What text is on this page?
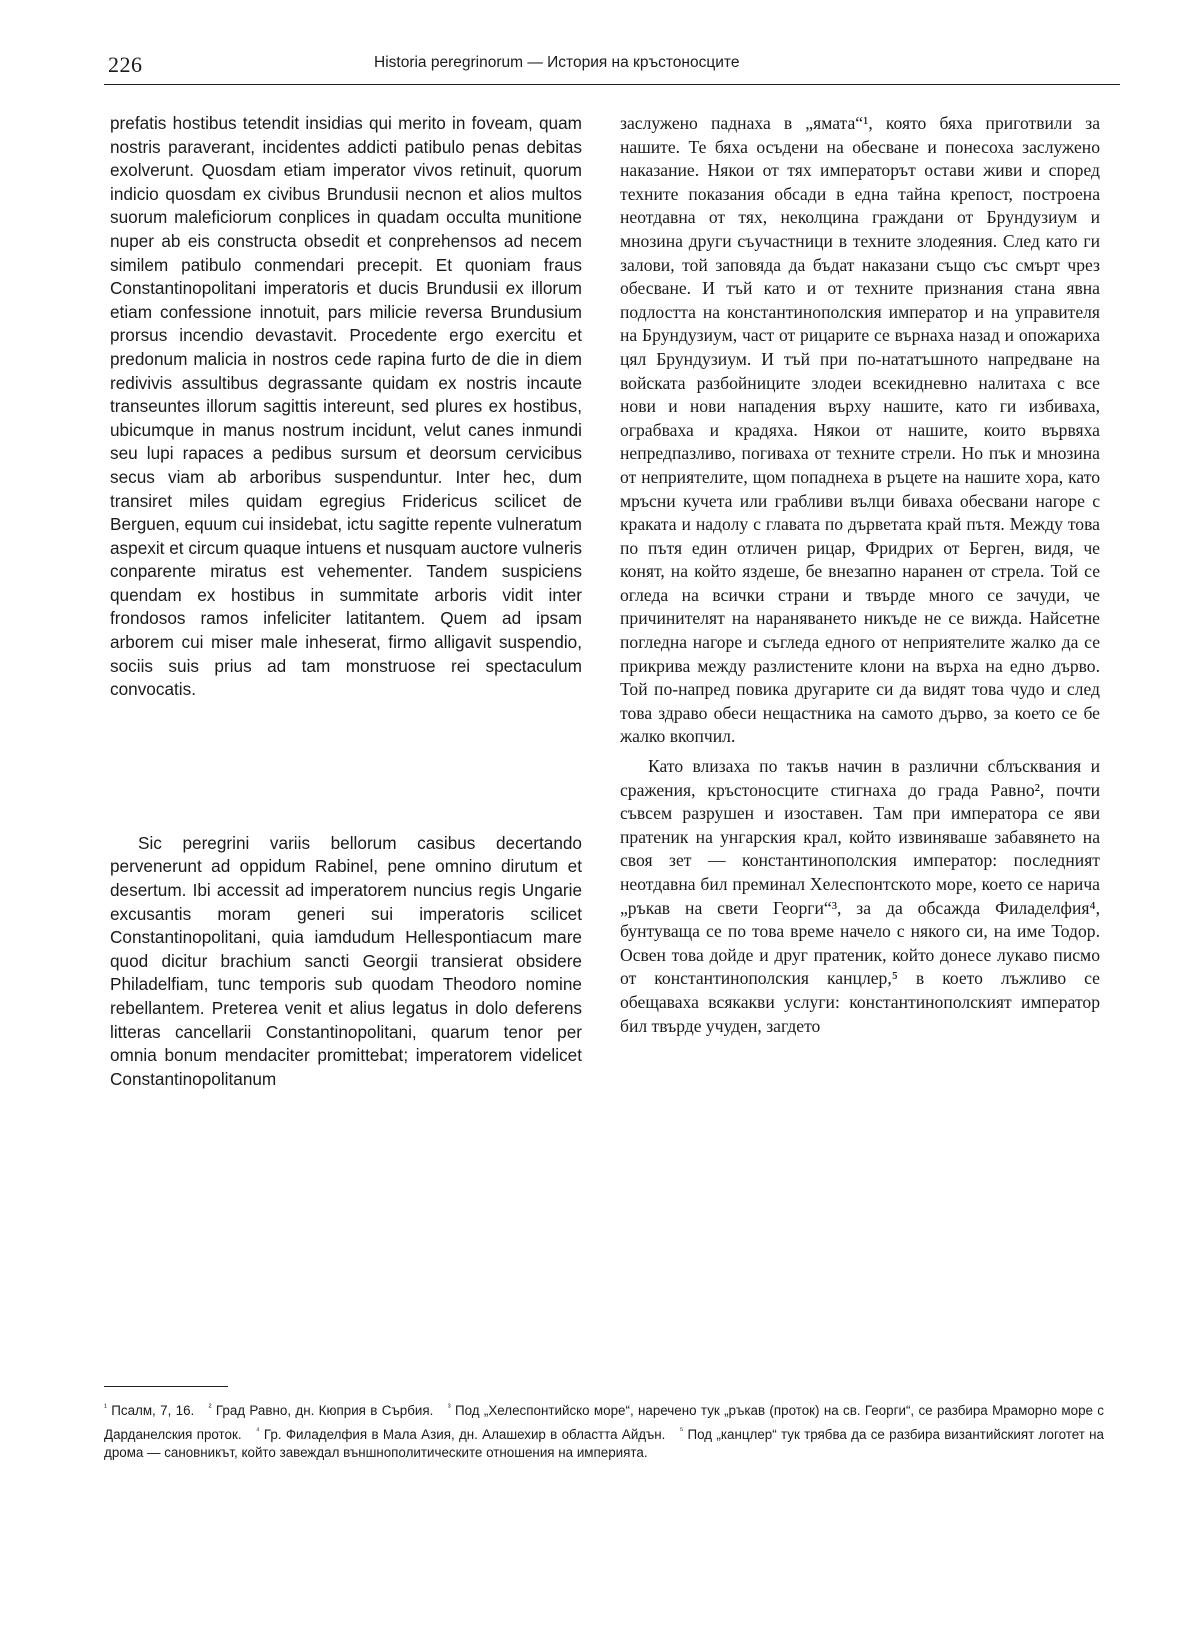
226	Historia peregrinorum — История на кръстоносците

prefatis hostibus tetendit insidias qui merito in foveam, quam nostris paraverant, incidentes addicti patibulo penas debitas exolverunt. Quosdam etiam imperator vivos retinuit, quorum indicio quosdam ex civibus Brundusii necnon et alios multos suorum maleficiorum conplices in quadam occulta munitione nuper ab eis constructa obsedit et conprehensos ad necem similem patibulo conmendari precepit. Et quoniam fraus Constantinopolitani imperatoris et ducis Brundusii ex illorum etiam confessione innotuit, pars milicie reversa Brundusium prorsus incendio devastavit. Procedente ergo exercitu et predonum malicia in nostros cede rapina furto de die in diem redivivis assultibus degrassante quidam ex nostris incaute transeuntes illorum sagittis intereunt, sed plures ex hostibus, ubicumque in manus nostrum incidunt, velut canes inmundi seu lupi rapaces a pedibus sursum et deorsum cervicibus secus viam ab arboribus suspenduntur. Inter hec, dum transiret miles quidam egregius Fridericus scilicet de Berguen, equum cui insidebat, ictu sagitte repente vulneratum aspexit et circum quaque intuens et nusquam auctore vulneris conparente miratus est vehementer. Tandem suspiciens quendam ex hostibus in summitate arboris vidit inter frondosos ramos infeliciter latitantem. Quem ad ipsam arborem cui miser male inheserat, firmo alligavit suspendio, sociis suis prius ad tam monstruose rei spectaculum convocatis.

Sic peregrini variis bellorum casibus decertando pervenerunt ad oppidum Rabinel, pene omnino dirutum et desertum. Ibi accessit ad imperatorem nuncius regis Ungarie excusantis moram generi sui imperatoris scilicet Constantinopolitani, quia iamdudum Hellespontiacum mare quod dicitur brachium sancti Georgii transierat obsidere Philadelfiam, tunc temporis sub quodam Theodoro nomine rebellantem. Preterea venit et alius legatus in dolo deferens litteras cancellarii Constantinopolitani, quarum tenor per omnia bonum mendaciter promittebat; imperatorem videlicet Constantinopolitanum

заслужено паднаха в „ямата“¹, която бяха приготвили за нашите. Те бяха осъдени на обесване и понесоха заслужено наказание. Някои от тях императорът остави живи и според техните показания обсади в една тайна крепост, построена неотдавна от тях, неколцина граждани от Брундузиум и мнозина други съучастници в техните злодеяния. След като ги залови, той заповяда да бъдат наказани също със смърт чрез обесване. И тъй като и от техните признания стана явна подлостта на константинополския император и на управителя на Брундузиум, част от рицарите се върнаха назад и опожариха цял Брундузиум. И тъй при по-нататъшното напредване на войската разбойниците злодеи всекидневно налитаха с все нови и нови нападения върху нашите, като ги избиваха, ограбваха и крадяха. Някои от нашите, които вървяха непредпазливо, погиваха от техните стрели. Но пък и мнозина от неприятелите, щом попаднеха в ръцете на нашите хора, като мръсни кучета или грабливи вълци биваха обесвани нагоре с краката и надолу с главата по дърветата край пътя. Между това по пътя един отличен рицар, Фридрих от Берген, видя, че конят, на който яздеше, бе внезапно наранен от стрела. Той се огледа на всички страни и твърде много се зачуди, че причинителят на нараняването никъде не се вижда. Найсетне погледна нагоре и съгледа едного от неприятелите жалко да се прикрива между разлистените клони на върха на едно дърво. Той по-напред повика другарите си да видят това чудо и след това здраво обеси нещастника на самото дърво, за което се бе жалко вкопчил.

Като влизаха по такъв начин в различни сблъсквания и сражения, кръстоносците стигнаха до града Равно², почти съвсем разрушен и изоставен. Там при императора се яви пратеник на унгарския крал, който извиняваше забавянето на своя зет — константинополския император: последният неотдавна бил преминал Хелеспонтското море, което се нарича „ръкав на свети Георги“³, за да обсажда Филаделфия⁴, бунтуваща се по това време начело с някого си, на име Тодор. Освен това дойде и друг пратеник, който донесе лукаво писмо от константинополския канцлер,⁵ в което лъжливо се обещаваха всякакви услуги: константинополският император бил твърде учуден, загдето

$^{^1}$ Псалм, 7, 16. $^{^2}$ Град Равно, дн. Кюприя в Сърбия. $^{^3}$ Под „Хелеспонтийско море“, наречено тук „ръкав (проток) на св. Георги“, се разбира Мраморно море с Дарданелския проток. $^{^4}$ Гр. Филаделфия в Мала Азия, дн. Алашехир в областта Айдън. $^{^5}$ Под „канцлер“ тук трябва да се разбира византийският логотет на дрома — сановникът, който завеждал външнополитическите отношения на империята.
